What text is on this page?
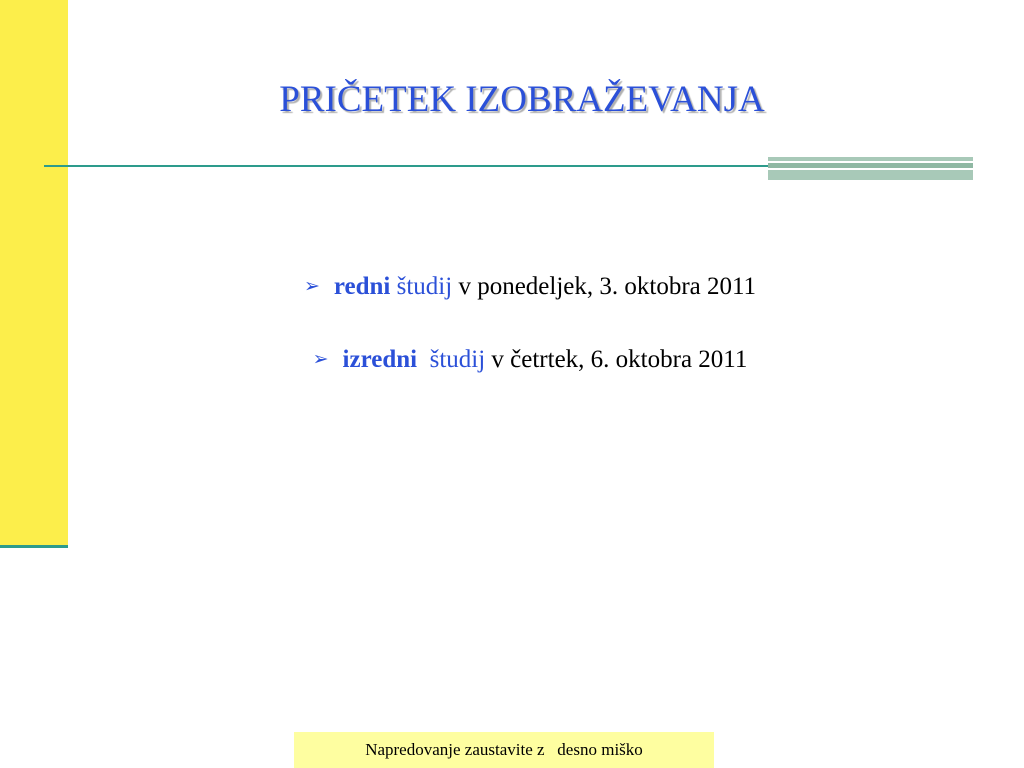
PRIČETEK IZOBRAŽEVANJA
➢ redni študij v ponedeljek, 3. oktobra 2011
➢ izredni študij v četrtek, 6. oktobra 2011
Napredovanje zaustavite z   desno miško
